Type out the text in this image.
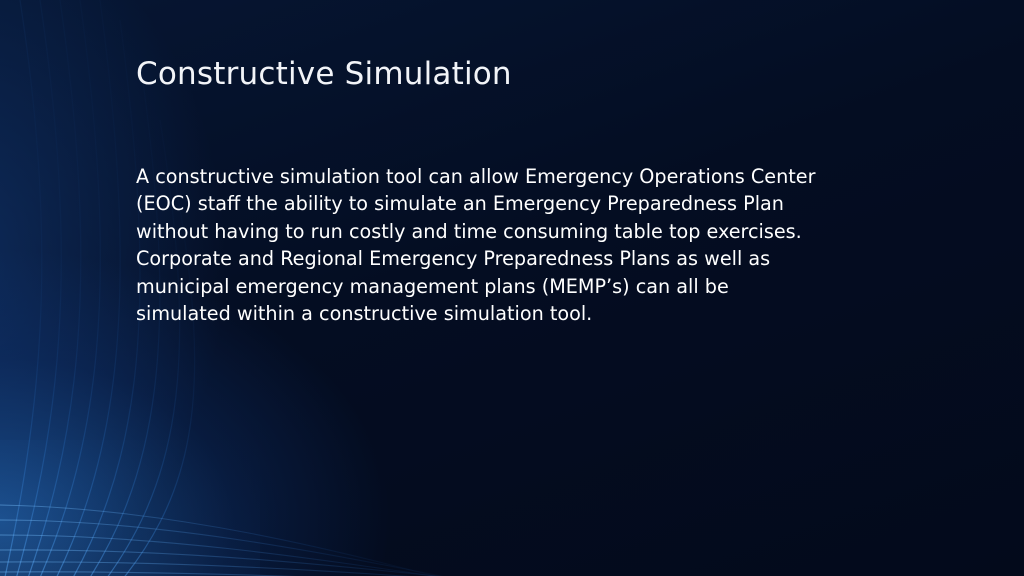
Constructive Simulation

A constructive simulation tool can allow Emergency Operations Center
(EOC) staff the ability to simulate an Emergency Preparedness Plan
without having to run costly and time consuming table top exercises.
Corporate and Regional Emergency Preparedness Plans as well as
municipal emergency management plans (MEMP’s) can all be
simulated within a constructive simulation tool.
